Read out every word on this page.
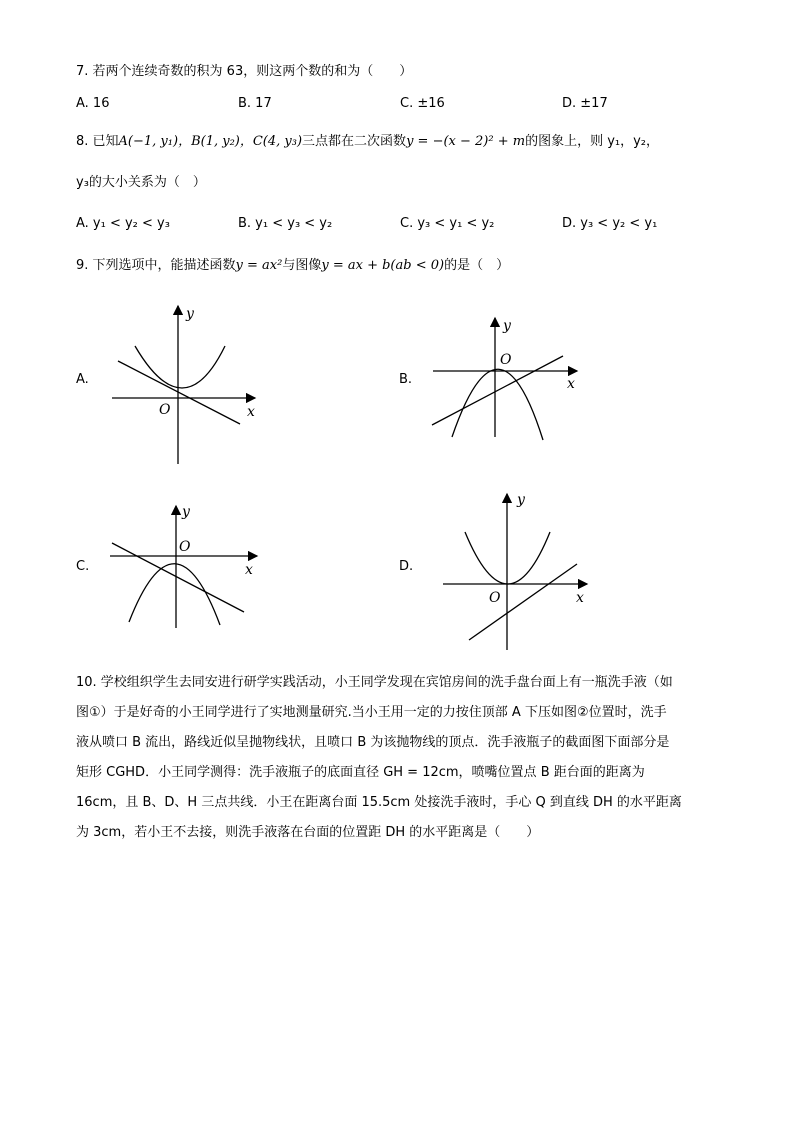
7. 若两个连续奇数的积为 63，则这两个数的和为（　　）
A. 16	B. 17	C. ±16	D. ±17
8. 已知A(−1, y₁)，B(1, y₂)，C(4, y₃)三点都在二次函数y = −(x − 2)² + m的图象上，则 y₁，y₂，
y₃的大小关系为（　）
A. y₁ < y₂ < y₃	B. y₁ < y₃ < y₂	C. y₃ < y₁ < y₂	D. y₃ < y₂ < y₁
9. 下列选项中，能描述函数y = ax²与图像y = ax + b(ab < 0)的是（　）
A.	B.
C.	D.
y
x
O
y
x
O
y
x
O
y
x
O
10. 学校组织学生去同安进行研学实践活动，小王同学发现在宾馆房间的洗手盘台面上有一瓶洗手液（如
图①）于是好奇的小王同学进行了实地测量研究.当小王用一定的力按住顶部 A 下压如图②位置时，洗手
液从喷口 B 流出，路线近似呈抛物线状，且喷口 B 为该抛物线的顶点．洗手液瓶子的截面图下面部分是
矩形 CGHD．小王同学测得：洗手液瓶子的底面直径 GH = 12cm，喷嘴位置点 B 距台面的距离为
16cm，且 B、D、H 三点共线．小王在距离台面 15.5cm 处接洗手液时，手心 Q 到直线 DH 的水平距离
为 3cm，若小王不去接，则洗手液落在台面的位置距 DH 的水平距离是（　　）
